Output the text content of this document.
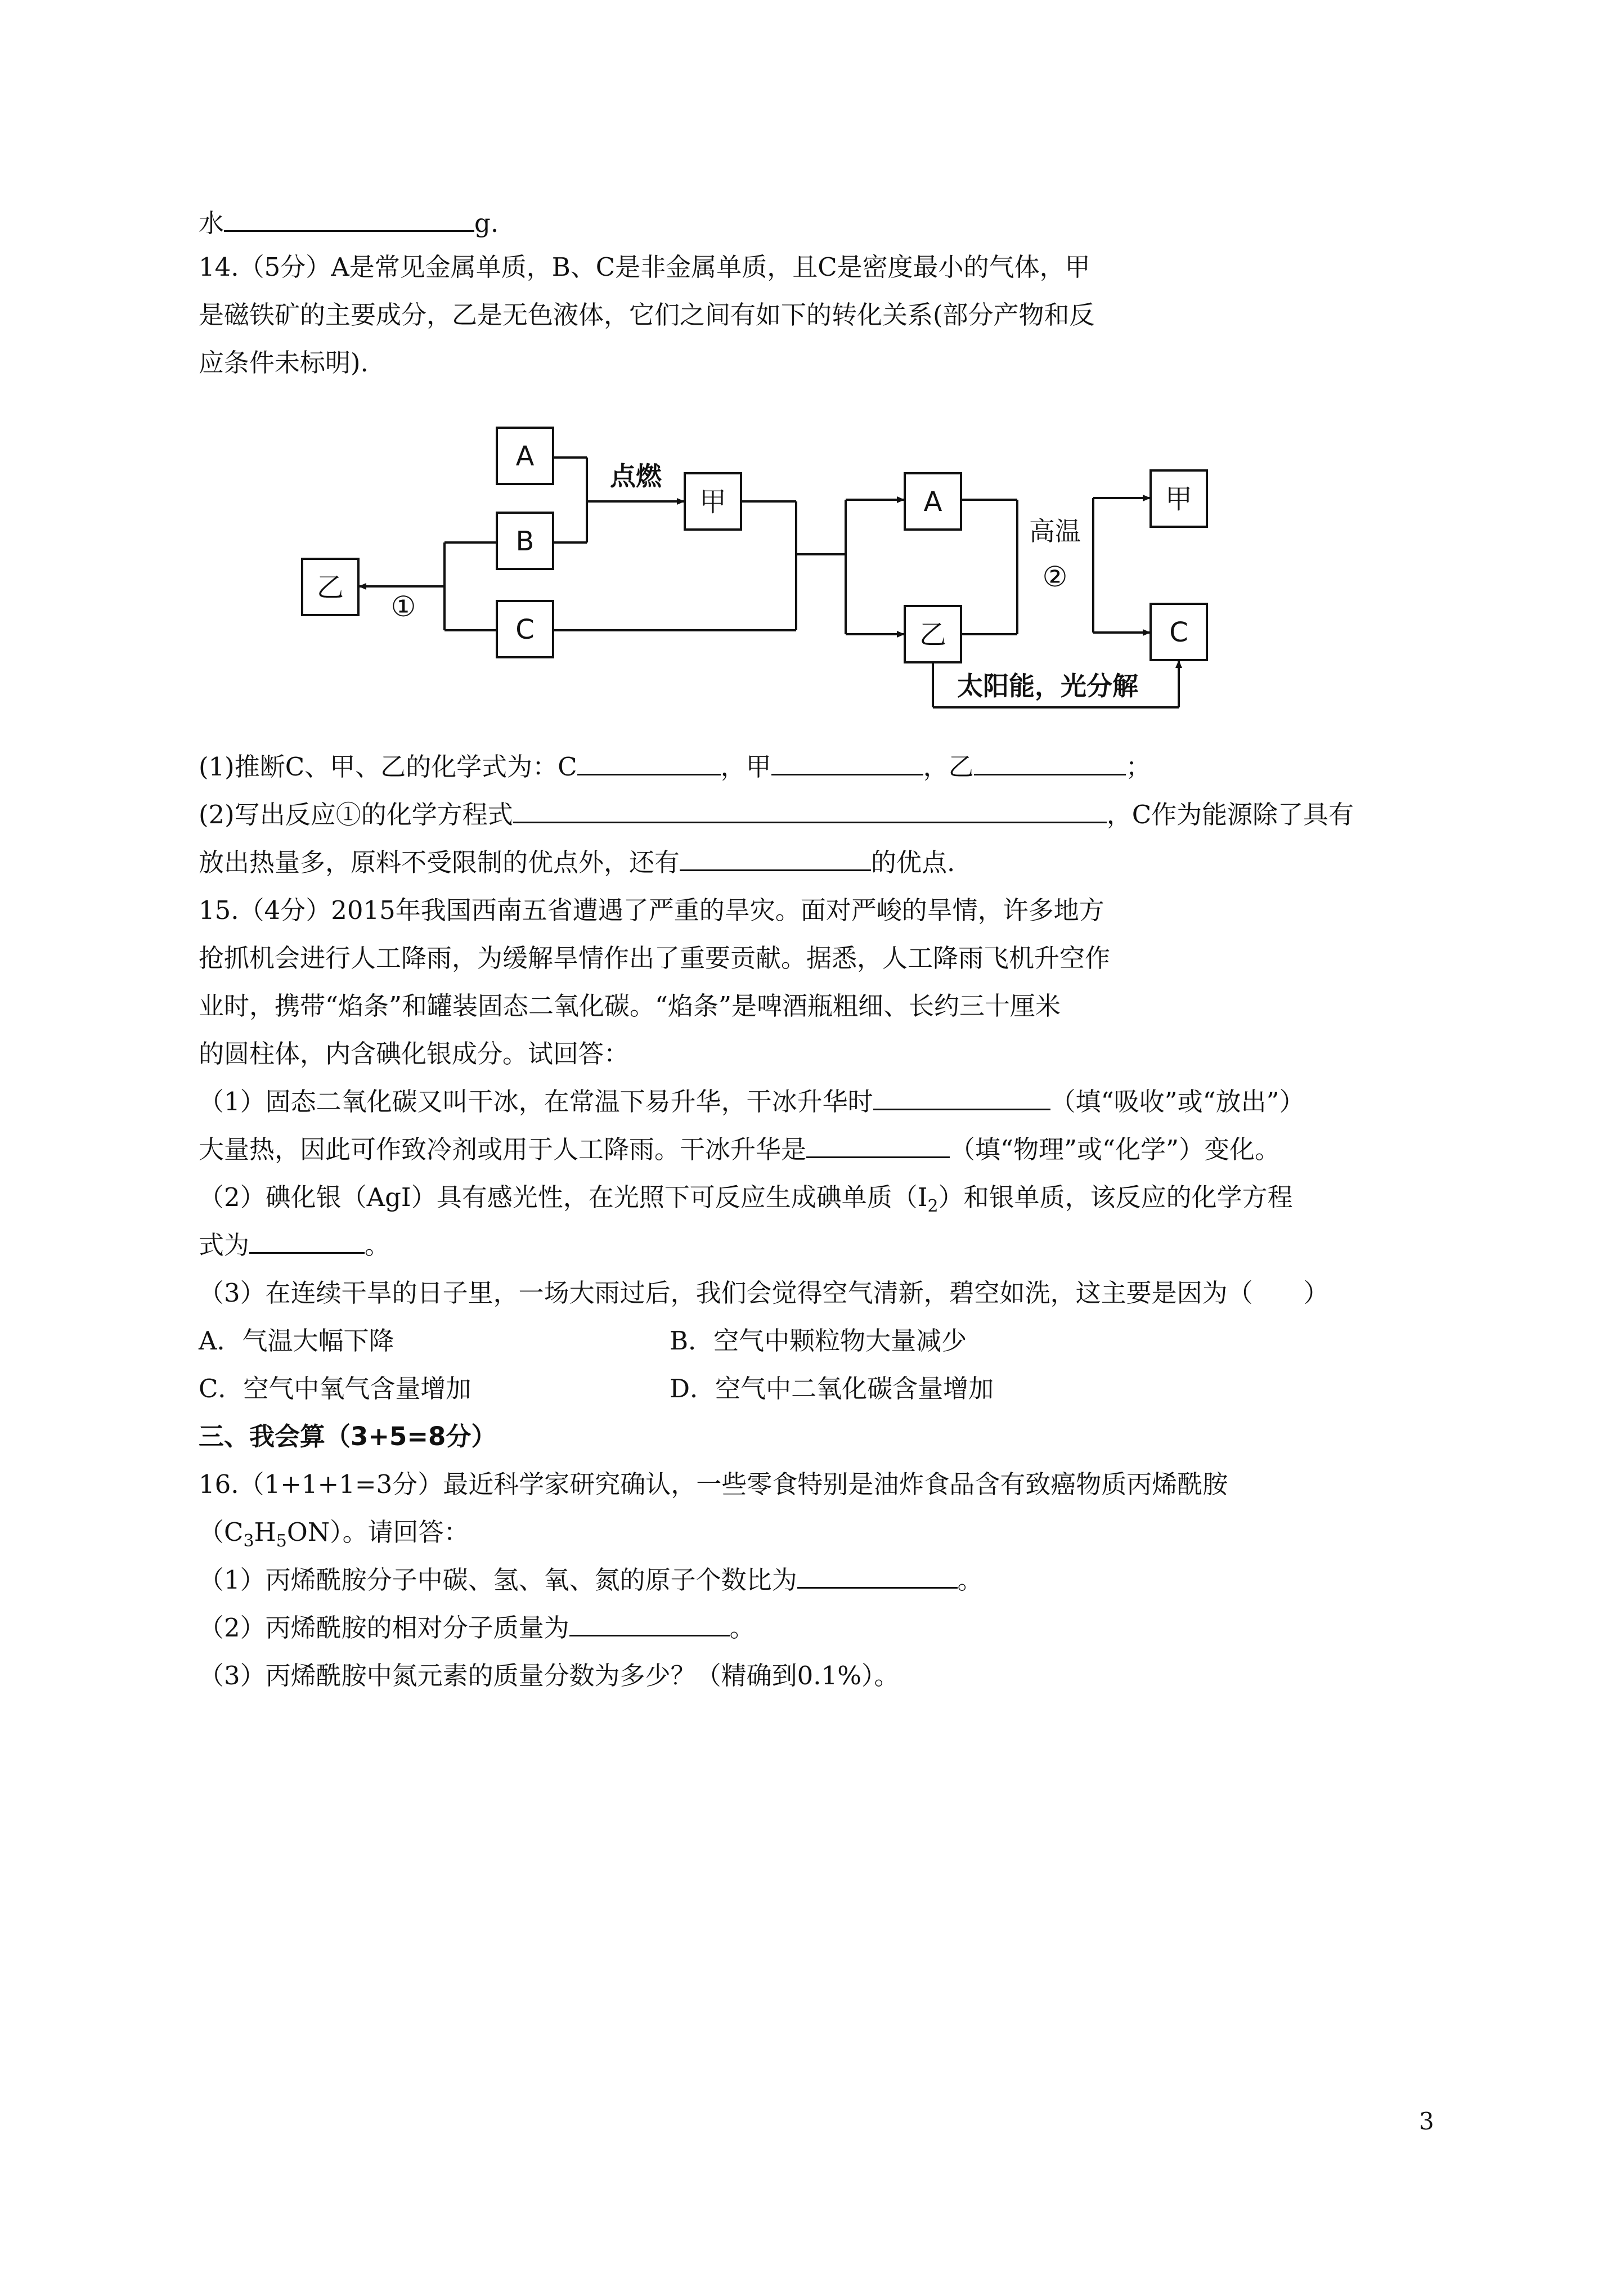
水	g.
14.（5分）A是常见金属单质，B、C是非金属单质，且C是密度最小的气体，甲
是磁铁矿的主要成分，乙是无色液体，它们之间有如下的转化关系(部分产物和反
应条件未标明).
A
B
C
甲
乙
A
乙
甲
C
点燃
高温
②
①
太阳能，光分解
(1)推断C、甲、乙的化学式为：C	，甲	，乙	；
(2)写出反应①的化学方程式	，C作为能源除了具有
放出热量多，原料不受限制的优点外，还有	的优点.
15.（4分）2015年我国西南五省遭遇了严重的旱灾。面对严峻的旱情，许多地方
抢抓机会进行人工降雨，为缓解旱情作出了重要贡献。据悉，人工降雨飞机升空作
业时，携带“焰条”和罐装固态二氧化碳。“焰条”是啤酒瓶粗细、长约三十厘米
的圆柱体，内含碘化银成分。试回答：
（1）固态二氧化碳又叫干冰，在常温下易升华，干冰升华时	（填“吸收”或“放出”）
大量热，因此可作致冷剂或用于人工降雨。干冰升华是	（填“物理”或“化学”）变化。
（2）碘化银（AgI）具有感光性，在光照下可反应生成碘单质$(I_2)$和银单质，该反应的化学方程
式为	。
（3）在连续干旱的日子里，一场大雨过后，我们会觉得空气清新，碧空如洗，这主要是因为（　　）
A．气温大幅下降	B．空气中颗粒物大量减少
C．空气中氧气含量增加	D．空气中二氧化碳含量增加
三、我会算（3+5=8分）
16.（1+1+1=3分）最近科学家研究确认，一些零食特别是油炸食品含有致癌物质丙烯酰胺
$(C_3H_5ON)$。请回答：
（1）丙烯酰胺分子中碳、氢、氧、氮的原子个数比为	。
（2）丙烯酰胺的相对分子质量为	。
（3）丙烯酰胺中氮元素的质量分数为多少？（精确到0.1%）。
3
